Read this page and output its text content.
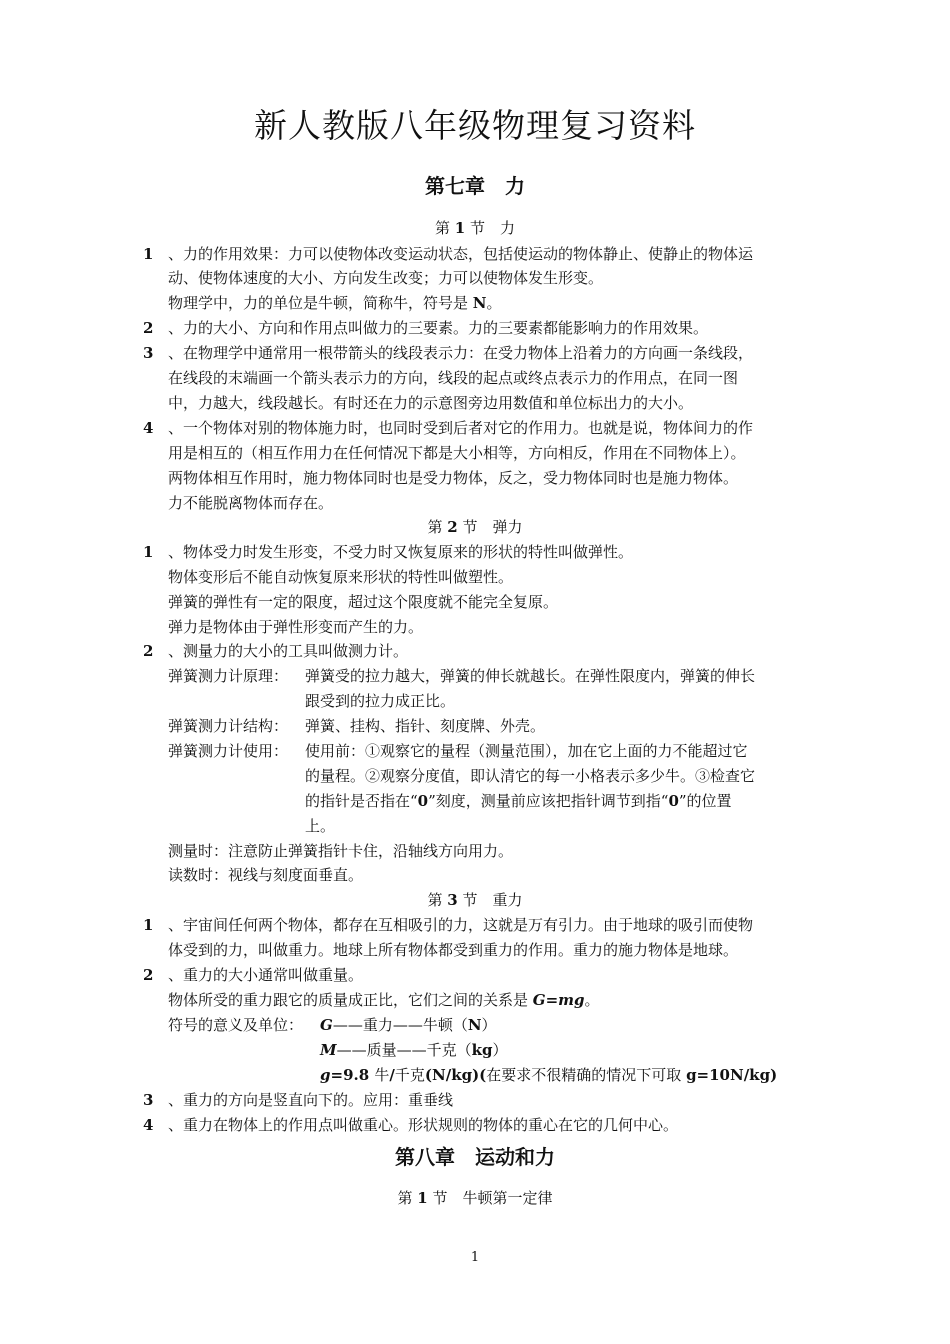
新人教版八年级物理复习资料
第七章　力
第 1 节　力
1 、力的作用效果：力可以使物体改变运动状态，包括使运动的物体静止、使静止的物体运
动、使物体速度的大小、方向发生改变；力可以使物体发生形变。
物理学中，力的单位是牛顿，简称牛，符号是 N。
2 、力的大小、方向和作用点叫做力的三要素。力的三要素都能影响力的作用效果。
3 、在物理学中通常用一根带箭头的线段表示力：在受力物体上沿着力的方向画一条线段，
在线段的末端画一个箭头表示力的方向，线段的起点或终点表示力的作用点，在同一图
中，力越大，线段越长。有时还在力的示意图旁边用数值和单位标出力的大小。
4 、一个物体对别的物体施力时，也同时受到后者对它的作用力。也就是说，物体间力的作
用是相互的（相互作用力在任何情况下都是大小相等，方向相反，作用在不同物体上）。
两物体相互作用时，施力物体同时也是受力物体，反之，受力物体同时也是施力物体。
力不能脱离物体而存在。
第 2 节　弹力
1 、物体受力时发生形变，不受力时又恢复原来的形状的特性叫做弹性。
物体变形后不能自动恢复原来形状的特性叫做塑性。
弹簧的弹性有一定的限度，超过这个限度就不能完全复原。
弹力是物体由于弹性形变而产生的力。
2 、测量力的大小的工具叫做测力计。
弹簧测力计原理： 弹簧受的拉力越大，弹簧的伸长就越长。在弹性限度内，弹簧的伸长
跟受到的拉力成正比。
弹簧测力计结构： 弹簧、挂构、指针、刻度牌、外壳。
弹簧测力计使用： 使用前：①观察它的量程（测量范围），加在它上面的力不能超过它
的量程。②观察分度值，即认清它的每一小格表示多少牛。③检查它
的指针是否指在“0”刻度，测量前应该把指针调节到指“0”的位置
上。
测量时：注意防止弹簧指针卡住，沿轴线方向用力。
读数时：视线与刻度面垂直。
第 3 节　重力
1 、宇宙间任何两个物体，都存在互相吸引的力，这就是万有引力。由于地球的吸引而使物
体受到的力，叫做重力。地球上所有物体都受到重力的作用。重力的施力物体是地球。
2 、重力的大小通常叫做重量。
物体所受的重力跟它的质量成正比，它们之间的关系是 G=mg。
符号的意义及单位： G——重力——牛顿（N）
M——质量——千克（kg）
g=9.8 牛/千克(N/kg)(在要求不很精确的情况下可取 g=10N/kg)
3 、重力的方向是竖直向下的。应用：重垂线
4 、重力在物体上的作用点叫做重心。形状规则的物体的重心在它的几何中心。
第八章　运动和力
第 1 节　牛顿第一定律
1
